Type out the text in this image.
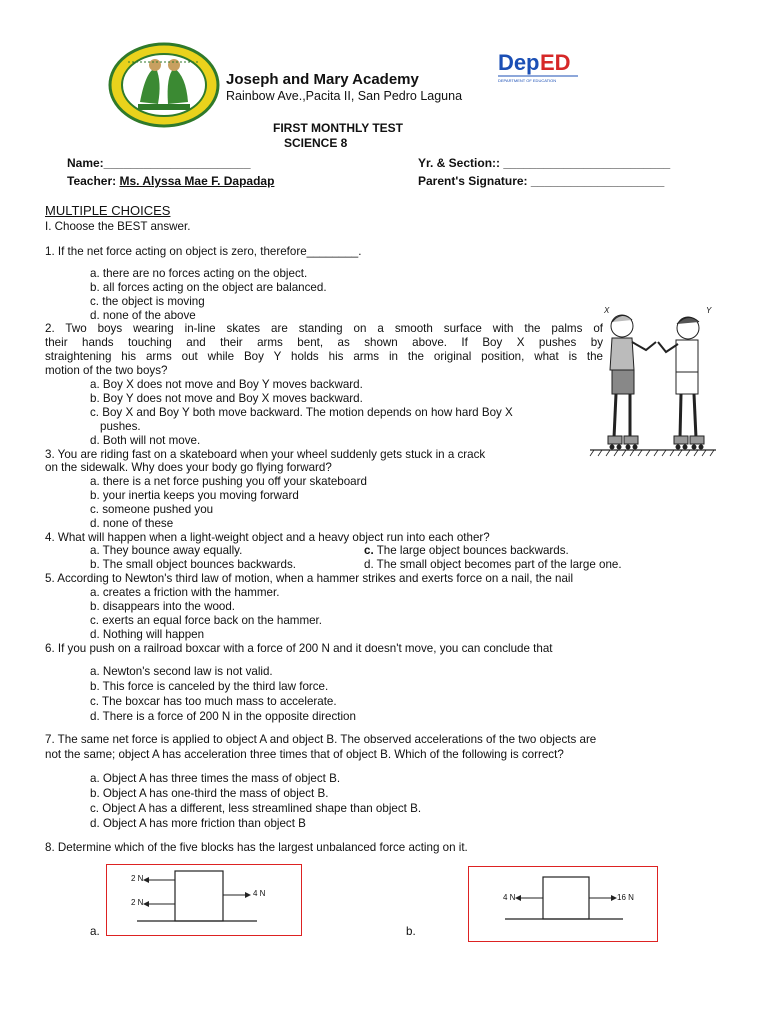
Joseph and Mary Academy
Rainbow Ave.,Pacita II, San Pedro Laguna
De p ED
DEPARTMENT OF EDUCATION
FIRST MONTHLY TEST
SCIENCE 8
Name:______________________	Yr. & Section:: _________________________
Teacher: Ms. Alyssa Mae F. Dapadap	Parent's Signature: ____________________
MULTIPLE CHOICES
I. Choose the BEST answer.
1. If the net force acting on object is zero, therefore________.
a. there are no forces acting on the object.
b. all forces acting on the object are balanced.
c. the object is moving
d. none of the above
2. Two boys wearing in-line skates are standing on a smooth surface with the palms of
their hands touching and their arms bent, as shown above. If Boy X pushes by
straightening his arms out while Boy Y holds his arms in the original position, what is the
motion of the two boys?
a. Boy X does not move and Boy Y moves backward.
b. Boy Y does not move and Boy X moves backward.
c. Boy X and Boy Y both move backward. The motion depends on how hard Boy X
pushes.
d. Both will not move.
X	Y
3. You are riding fast on a skateboard when your wheel suddenly gets stuck in a crack
on the sidewalk. Why does your body go flying forward?
a. there is a net force pushing you off your skateboard
b. your inertia keeps you moving forward
c. someone pushed you
d. none of these
4. What will happen when a light-weight object and a heavy object run into each other?
a. They bounce away equally.	c. The large object bounces backwards.
b. The small object bounces backwards.	d. The small object becomes part of the large one.
5. According to Newton's third law of motion, when a hammer strikes and exerts force on a nail, the nail
a. creates a friction with the hammer.
b. disappears into the wood.
c. exerts an equal force back on the hammer.
d. Nothing will happen
6. If you push on a railroad boxcar with a force of 200 N and it doesn't move, you can conclude that
a. Newton's second law is not valid.
b. This force is canceled by the third law force.
c. The boxcar has too much mass to accelerate.
d. There is a force of 200 N in the opposite direction
7. The same net force is applied to object A and object B. The observed accelerations of the two objects are
not the same; object A has acceleration three times that of object B. Which of the following is correct?
a. Object A has three times the mass of object B.
b. Object A has one-third the mass of object B.
c. Object A has a different, less streamlined shape than object B.
d. Object A has more friction than object B
8. Determine which of the five blocks has the largest unbalanced force acting on it.
2 N
2 N
4 N
a.
4 N	16 N
b.
